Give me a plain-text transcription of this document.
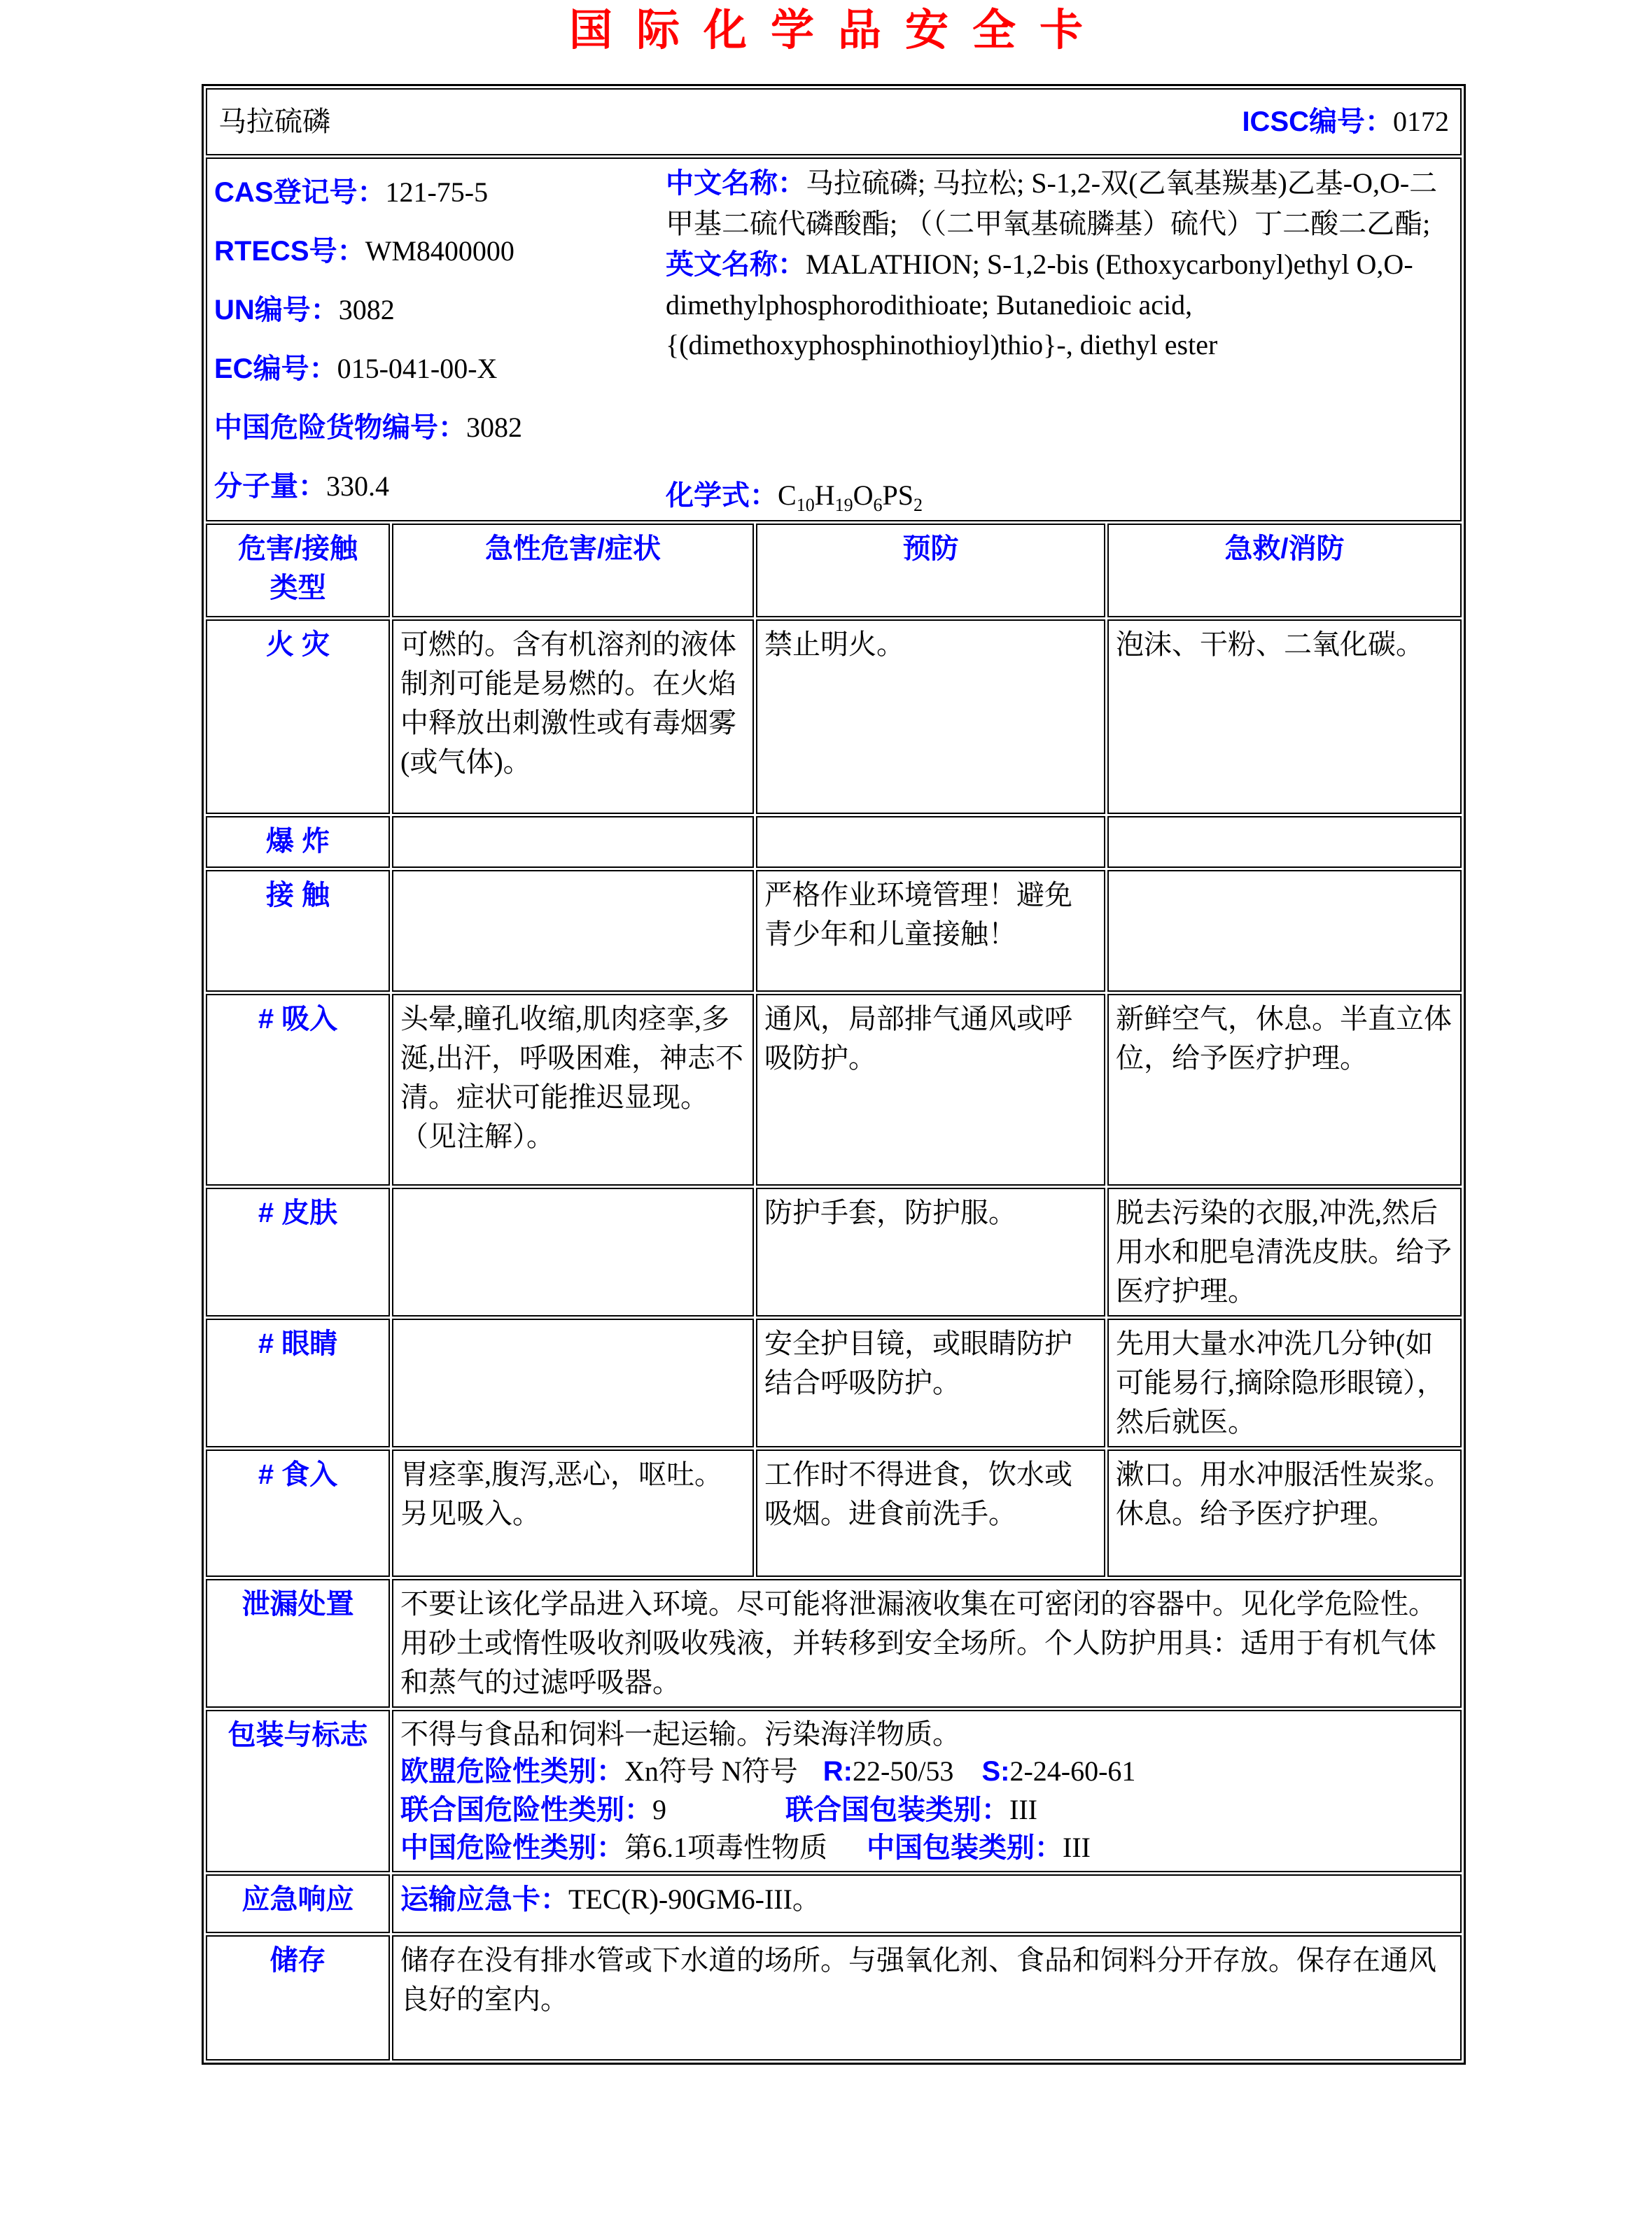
国际化学品安全卡
马拉硫磷 ICSC编号：0172			

CAS登记号：121-75-5

RTECS号：WM8400000

UN编号：3082

EC编号：015-041-00-X

中国危险货物编号：3082

分子量：330.4

中文名称：马拉硫磷; 马拉松; S-1,2-双(乙氧基羰基)乙基-O,O-二甲基二硫代磷酸酯; （（二甲氧基硫膦基）硫代）丁二酸二乙酯;

英文名称：MALATHION; S-1,2-bis (Ethoxycarbonyl)ethyl O,O-dimethylphosphorodithioate; Butanedioic acid, {(dimethoxyphosphinothioyl)thio}-, diethyl ester

化学式：$C_{10}H_{19}O_6PS_2$

危害/接触
类型	急性危害/症状	预防	急救/消防
火 灾	可燃的。含有机溶剂的液体制剂可能是易燃的。在火焰中释放出刺激性或有毒烟雾(或气体)。	禁止明火。	泡沫、干粉、二氧化碳。
爆 炸			
接 触		严格作业环境管理！避免青少年和儿童接触！	
# 吸入	头晕,瞳孔收缩,肌肉痉挛,多涎,出汗，呼吸困难，神志不清。症状可能推迟显现。（见注解）。	通风，局部排气通风或呼吸防护。	新鲜空气，休息。半直立体位，给予医疗护理。
# 皮肤		防护手套，防护服。	脱去污染的衣服,冲洗,然后用水和肥皂清洗皮肤。给予医疗护理。
# 眼睛		安全护目镜，或眼睛防护结合呼吸防护。	先用大量水冲洗几分钟(如可能易行,摘除隐形眼镜），然后就医。
# 食入	胃痉挛,腹泻,恶心，呕吐。另见吸入。	工作时不得进食，饮水或吸烟。进食前洗手。	漱口。用水冲服活性炭浆。休息。给予医疗护理。
泄漏处置	不要让该化学品进入环境。尽可能将泄漏液收集在可密闭的容器中。见化学危险性。用砂土或惰性吸收剂吸收残液，并转移到安全场所。个人防护用具：适用于有机气体和蒸气的过滤呼吸器。		
包装与标志	不得与食品和饲料一起运输。污染海洋物质。

欧盟危险性类别：Xn符号 N符号 R:22-50/53 S:2-24-60-61

联合国危险性类别：9 联合国包装类别：III

中国危险性类别：第6.1项毒性物质 中国包装类别：III		

应急响应	运输应急卡：TEC(R)-90GM6-III。		
储存	储存在没有排水管或下水道的场所。与强氧化剂、食品和饲料分开存放。保存在通风良好的室内。		
